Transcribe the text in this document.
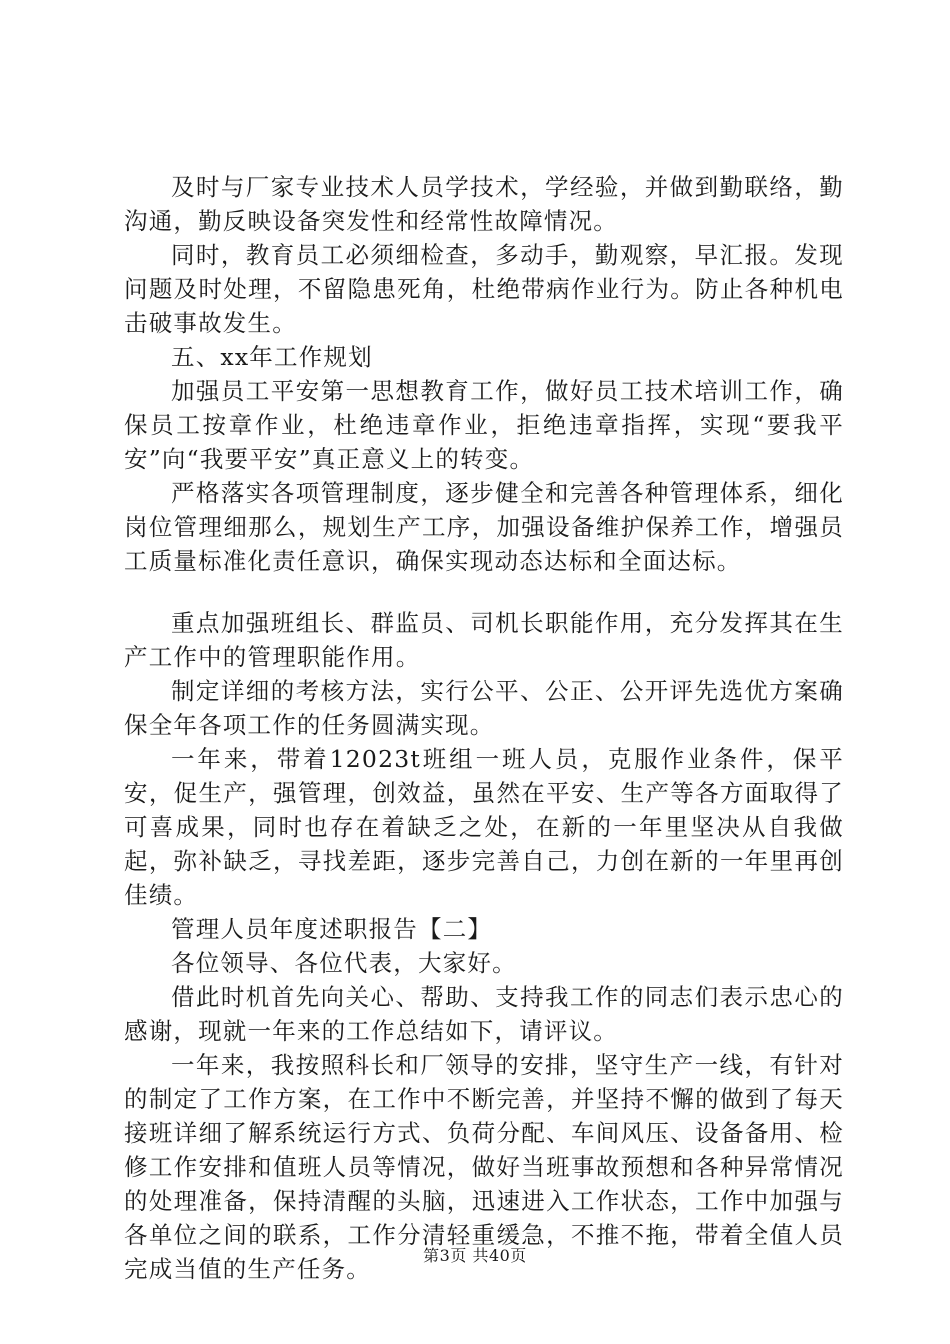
及时与厂家专业技术人员学技术，学经验，并做到勤联络，勤沟通，勤反映设备突发性和经常性故障情况。

同时，教育员工必须细检查，多动手，勤观察，早汇报。发现问题及时处理，不留隐患死角，杜绝带病作业行为。防止各种机电击破事故发生。

五、xx年工作规划

加强员工平安第一思想教育工作，做好员工技术培训工作，确保员工按章作业，杜绝违章作业，拒绝违章指挥，实现“要我平安”向“我要平安”真正意义上的转变。

严格落实各项管理制度，逐步健全和完善各种管理体系，细化岗位管理细那么，规划生产工序，加强设备维护保养工作，增强员工质量标准化责任意识，确保实现动态达标和全面达标。

重点加强班组长、群监员、司机长职能作用，充分发挥其在生产工作中的管理职能作用。

制定详细的考核方法，实行公平、公正、公开评先选优方案确保全年各项工作的任务圆满实现。

一年来，带着12023t班组一班人员，克服作业条件，保平安，促生产，强管理，创效益，虽然在平安、生产等各方面取得了可喜成果，同时也存在着缺乏之处，在新的一年里坚决从自我做起，弥补缺乏，寻找差距，逐步完善自己，力创在新的一年里再创佳绩。

管理人员年度述职报告【二】

各位领导、各位代表，大家好。

借此时机首先向关心、帮助、支持我工作的同志们表示忠心的感谢，现就一年来的工作总结如下，请评议。

一年来，我按照科长和厂领导的安排，坚守生产一线，有针对的制定了工作方案，在工作中不断完善，并坚持不懈的做到了每天接班详细了解系统运行方式、负荷分配、车间风压、设备备用、检修工作安排和值班人员等情况，做好当班事故预想和各种异常情况的处理准备，保持清醒的头脑，迅速进入工作状态，工作中加强与各单位之间的联系，工作分清轻重缓急，不推不拖，带着全值人员完成当值的生产任务。	第3页 共40页
